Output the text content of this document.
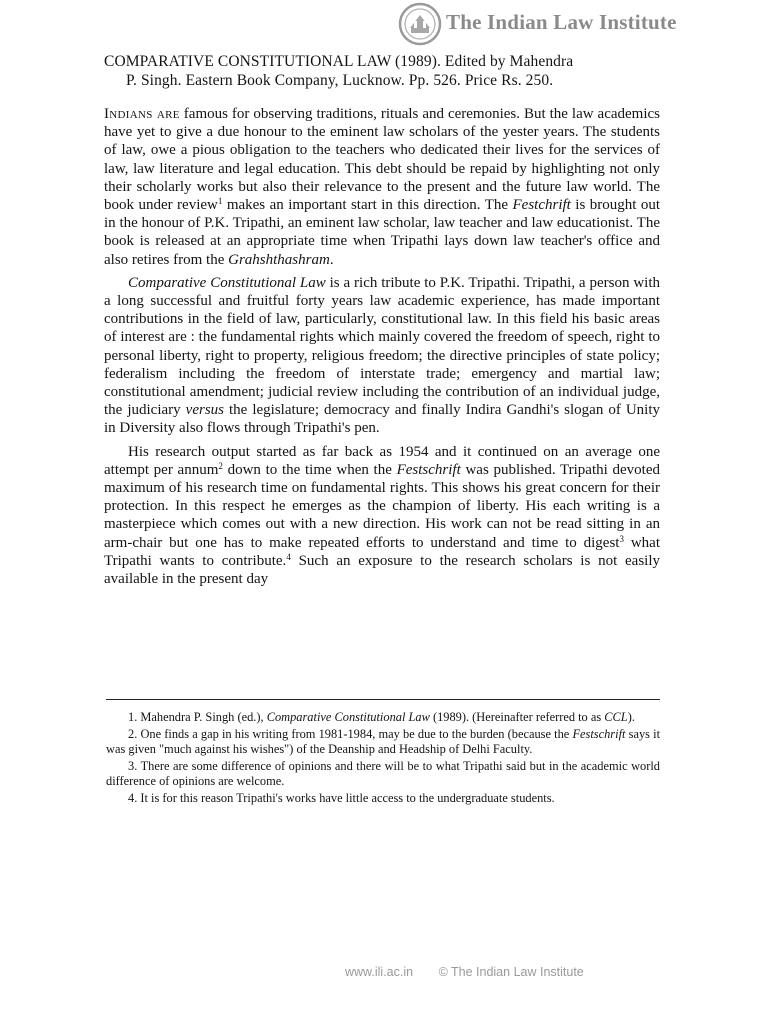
The Indian Law Institute
COMPARATIVE CONSTITUTIONAL LAW (1989). Edited by Mahendra
P. Singh. Eastern Book Company, Lucknow. Pp. 526. Price Rs. 250.

Indians are famous for observing traditions, rituals and ceremonies. But the law academics have yet to give a due honour to the eminent law scholars of the yester years. The students of law, owe a pious obligation to the teachers who dedicated their lives for the services of law, law literature and legal education. This debt should be repaid by highlighting not only their scholarly works but also their relevance to the present and the future law world. The book under review$^1$ makes an important start in this direction. The Festchrift is brought out in the honour of P.K. Tripathi, an eminent law scholar, law teacher and law educationist. The book is released at an appropriate time when Tripathi lays down law teacher's office and also retires from the Grahshthashram.

Comparative Constitutional Law is a rich tribute to P.K. Tripathi. Tripathi, a person with a long successful and fruitful forty years law academic experience, has made important contributions in the field of law, particularly, constitutional law. In this field his basic areas of interest are : the fundamental rights which mainly covered the freedom of speech, right to personal liberty, right to property, religious freedom; the directive principles of state policy; federalism including the freedom of interstate trade; emergency and martial law; constitutional amendment; judicial review including the contribution of an individual judge, the judiciary versus the legislature; democracy and finally Indira Gandhi's slogan of Unity in Diversity also flows through Tripathi's pen.

His research output started as far back as 1954 and it continued on an average one attempt per annum$^2$ down to the time when the Festschrift was published. Tripathi devoted maximum of his research time on fundamental rights. This shows his great concern for their protection. In this respect he emerges as the champion of liberty. His each writing is a masterpiece which comes out with a new direction. His work can not be read sitting in an arm-chair but one has to make repeated efforts to understand and time to digest$^3$ what Tripathi wants to contribute.$^4$ Such an exposure to the research scholars is not easily available in the present day

1. Mahendra P. Singh (ed.), Comparative Constitutional Law (1989). (Hereinafter referred to as CCL).

2. One finds a gap in his writing from 1981-1984, may be due to the burden (because the Festschrift says it was given "much against his wishes") of the Deanship and Headship of Delhi Faculty.

3. There are some difference of opinions and there will be to what Tripathi said but in the academic world difference of opinions are welcome.

4. It is for this reason Tripathi's works have little access to the undergraduate students.

www.ili.ac.in © The Indian Law Institute
